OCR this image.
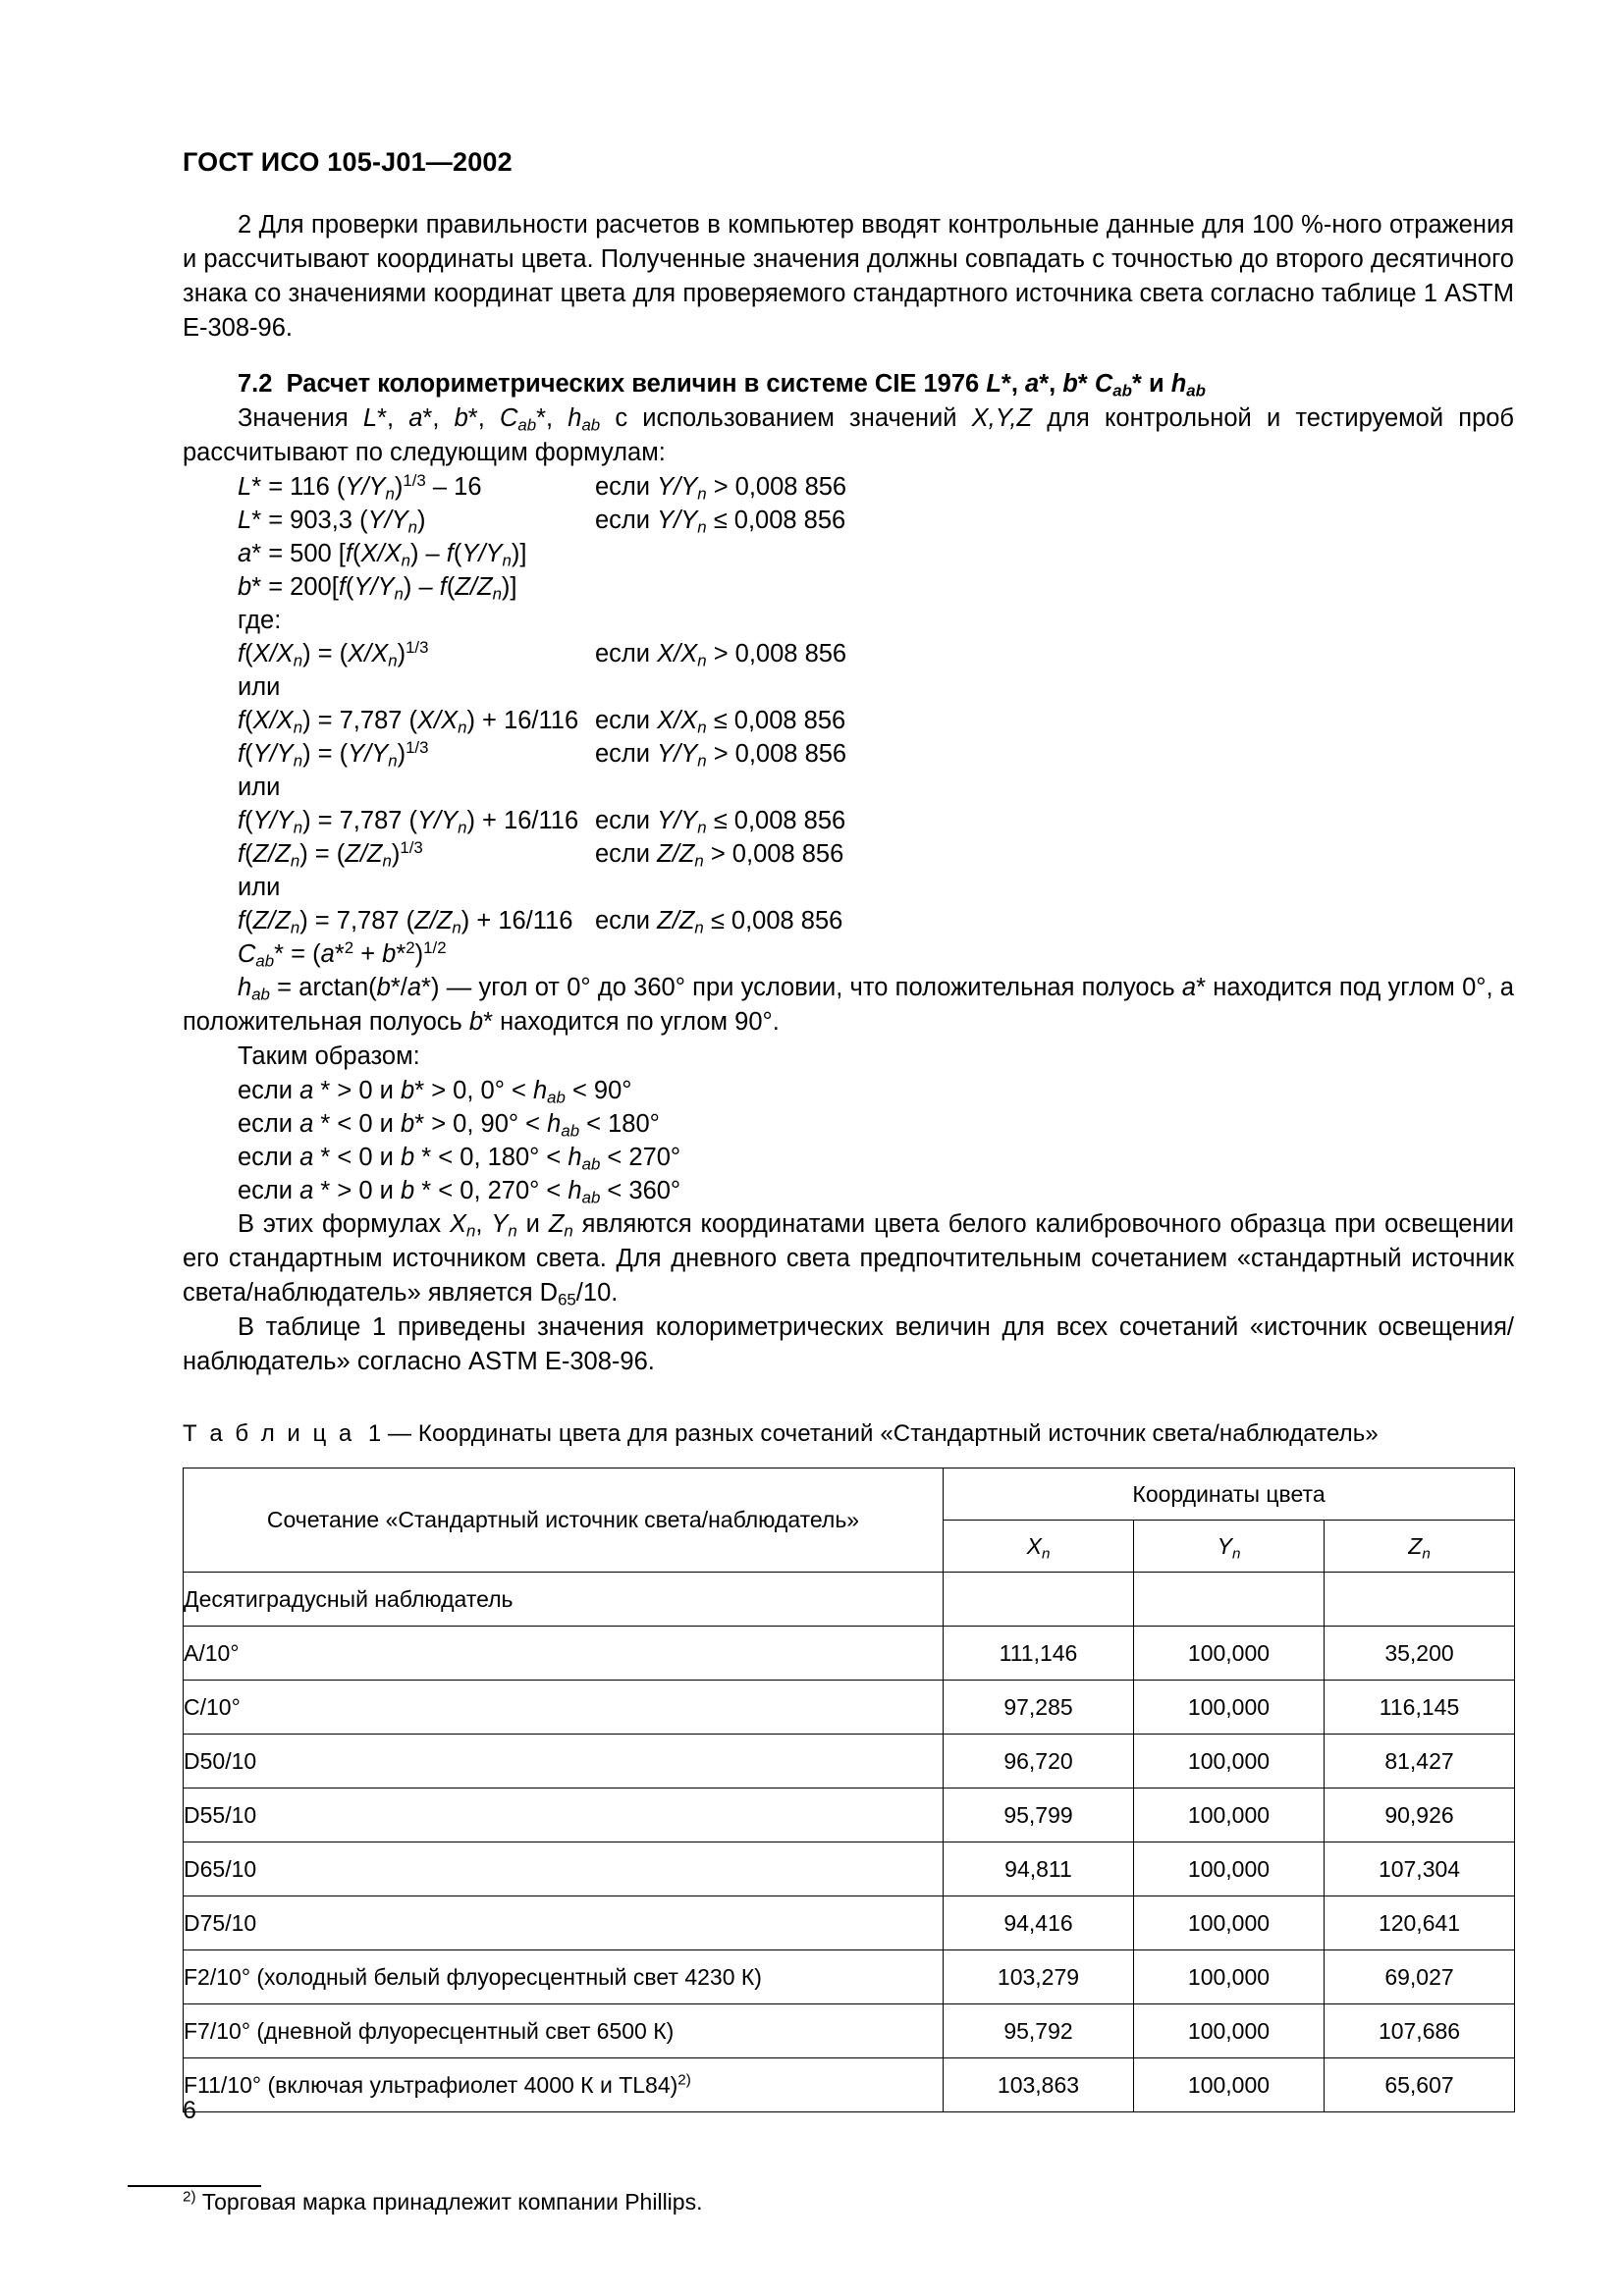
ГОСТ ИСО 105-J01—2002

2 Для проверки правильности расчетов в компьютер вводят контрольные данные для 100 %-ного отражения и рассчитывают координаты цвета. Полученные значения должны совпадать с точностью до второго десятичного знака со значениями координат цвета для проверяемого стандартного источника света согласно таблице 1 ASTM E-308-96.

7.2 Расчет колориметрических величин в системе CIE 1976 L*, a*, b* $C_{ab}*$ и $h_{ab}$

Значения L*, a*, b*, $C_{ab}*$, $h_{ab}$ с использованием значений X,Y,Z для контрольной и тестируемой проб рассчитывают по следующим формулам:

L* = 116 $(Y/Y_n)^{1/3} - 16$	если $Y/Y_n > 0,008$ 856
L* = 903,3 $(Y/Y_n)$	если $Y/Y_n \le 0,008$ 856
a* = 500 $[f(X/X_n) - f(Y/Y_n)]$
$b* = 200[f(Y/Y_n) - f(Z/Z_n)]$
где:
$f(X/X_n) = (X/X_n)^{1/3}$	если $X/X_n > 0,008$ 856
или
$f(X/X_n) = 7,787$ $(X/X_n) + 16/116$ если $X/X_n \le 0,008$ 856
$f(Y/Y_n) = (Y/Y_n)^{1/3}$	если $Y/Y_n > 0,008$ 856
или
$f(Y/Y_n) = 7,787$ $(Y/Y_n) + 16/116$ если $Y/Y_n \le 0,008$ 856
$f(Z/Z_n) = (Z/Z_n)^{1/3}$	если $Z/Z_n > 0,008$ 856
или
$f(Z/Z_n) = 7,787$ $(Z/Z_n) + 16/116$ если $Z/Z_n \le 0,008$ 856
$C_{ab}* = (a*^2 + b*^2)^{1/2}$

$h_{ab} = \arctan(b*/a*)$ — угол от 0° до 360° при условии, что положительная полуось a* находится под углом 0°, а положительная полуось b* находится по углом 90°.

Таким образом:

если a * > 0 и b* > 0, $0^\circ < h_{ab} < 90^\circ$
если a * < 0 и b* > 0, $90^\circ < h_{ab} < 180^\circ$
если a * < 0 и b * < 0, $180^\circ < h_{ab} < 270^\circ$
если a * > 0 и b * < 0, $270^\circ < h_{ab} < 360^\circ$

В этих формулах $X_n$, $Y_n$ и $Z_n$ являются координатами цвета белого калибровочного образца при освещении его стандартным источником света. Для дневного света предпочтительным сочетанием «стандартный источник света/наблюдатель» является $D_{65}/10$.

В таблице 1 приведены значения колориметрических величин для всех сочетаний «источник освещения/наблюдатель» согласно ASTM E-308-96.

Т а б л и ц а 1 — Координаты цвета для разных сочетаний «Стандартный источник света/наблюдатель»

Сочетание «Стандартный источник света/наблюдатель»	Координаты цвета		
	$X_n$	$Y_n$	$Z_n$
Десятиградусный наблюдатель			
A/10°	111,146	100,000	35,200
C/10°	97,285	100,000	116,145
D50/10	96,720	100,000	81,427
D55/10	95,799	100,000	90,926
D65/10	94,811	100,000	107,304
D75/10	94,416	100,000	120,641
F2/10° (холодный белый флуоресцентный свет 4230 К)	103,279	100,000	69,027
F7/10° (дневной флуоресцентный свет 6500 К)	95,792	100,000	107,686
F11/10° (включая ультрафиолет 4000 К и TL84)$^{2)}$	103,863	100,000	65,607

$^{2)}$ Торговая марка принадлежит компании Phillips.

6
